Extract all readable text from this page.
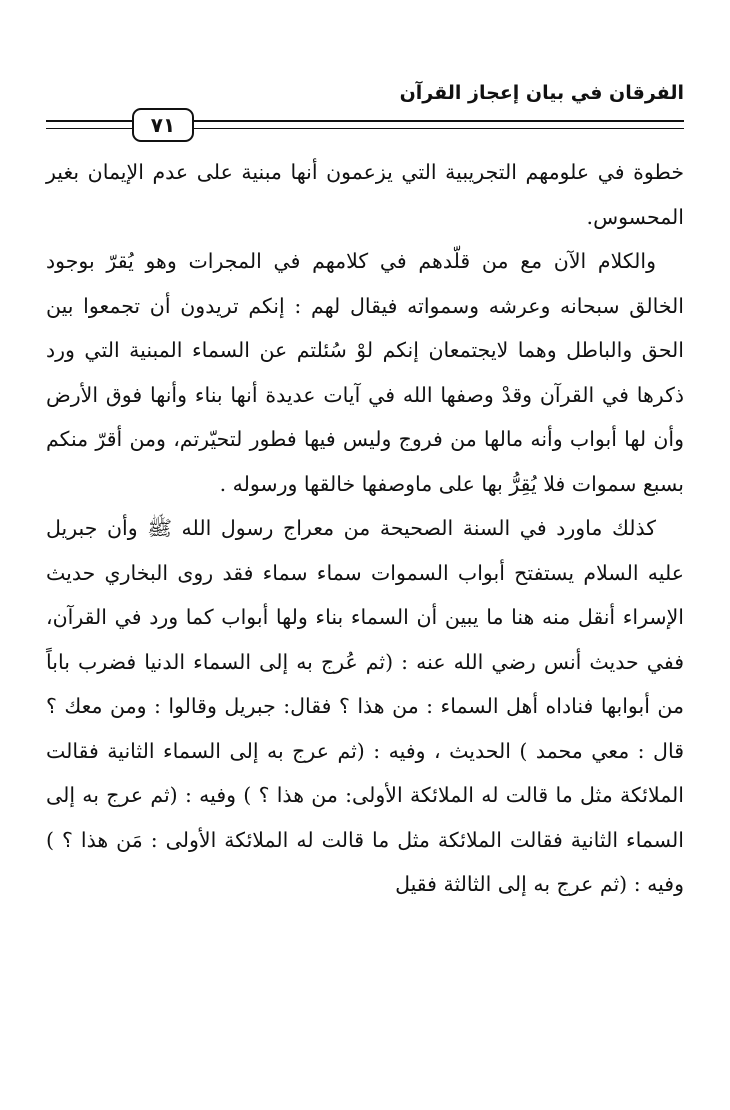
الفرقان في بيان إعجاز القرآن
٧١

خطوة في علومهم التجريبية التي يزعمون أنها مبنية على عدم الإيمان بغير المحسوس.

والكلام الآن مع من قلّدهم في كلامهم في المجرات وهو يُقرّ بوجود الخالق سبحانه وعرشه وسمواته فيقال لهم : إنكم تريدون أن تجمعوا بين الحق والباطل وهما لايجتمعان إنكم لوْ سُئلتم عن السماء المبنية التي ورد ذكرها في القرآن وقدْ وصفها الله في آيات عديدة أنها بناء وأنها فوق الأرض وأن لها أبواب وأنه مالها من فروج وليس فيها فطور لتحيّرتم، ومن أقرّ منكم بسبع سموات فلا يُقِرُّ بها على ماوصفها خالقها ورسوله .

كذلك ماورد في السنة الصحيحة من معراج رسول الله ﷺ وأن جبريل عليه السلام يستفتح أبواب السموات سماء سماء فقد روى البخاري حديث الإسراء أنقل منه هنا ما يبين أن السماء بناء ولها أبواب كما ورد في القرآن، ففي حديث أنس رضي الله عنه : (ثم عُرج به إلى السماء الدنيا فضرب باباً من أبوابها فناداه أهل السماء : من هذا ؟ فقال: جبريل وقالوا : ومن معك ؟ قال : معي محمد ) الحديث ، وفيه : (ثم عرج به إلى السماء الثانية فقالت الملائكة مثل ما قالت له الملائكة الأولى: من هذا ؟ ) وفيه : (ثم عرج به إلى السماء الثانية فقالت الملائكة مثل ما قالت له الملائكة الأولى : مَن هذا ؟ ) وفيه : (ثم عرج به إلى الثالثة فقيل
